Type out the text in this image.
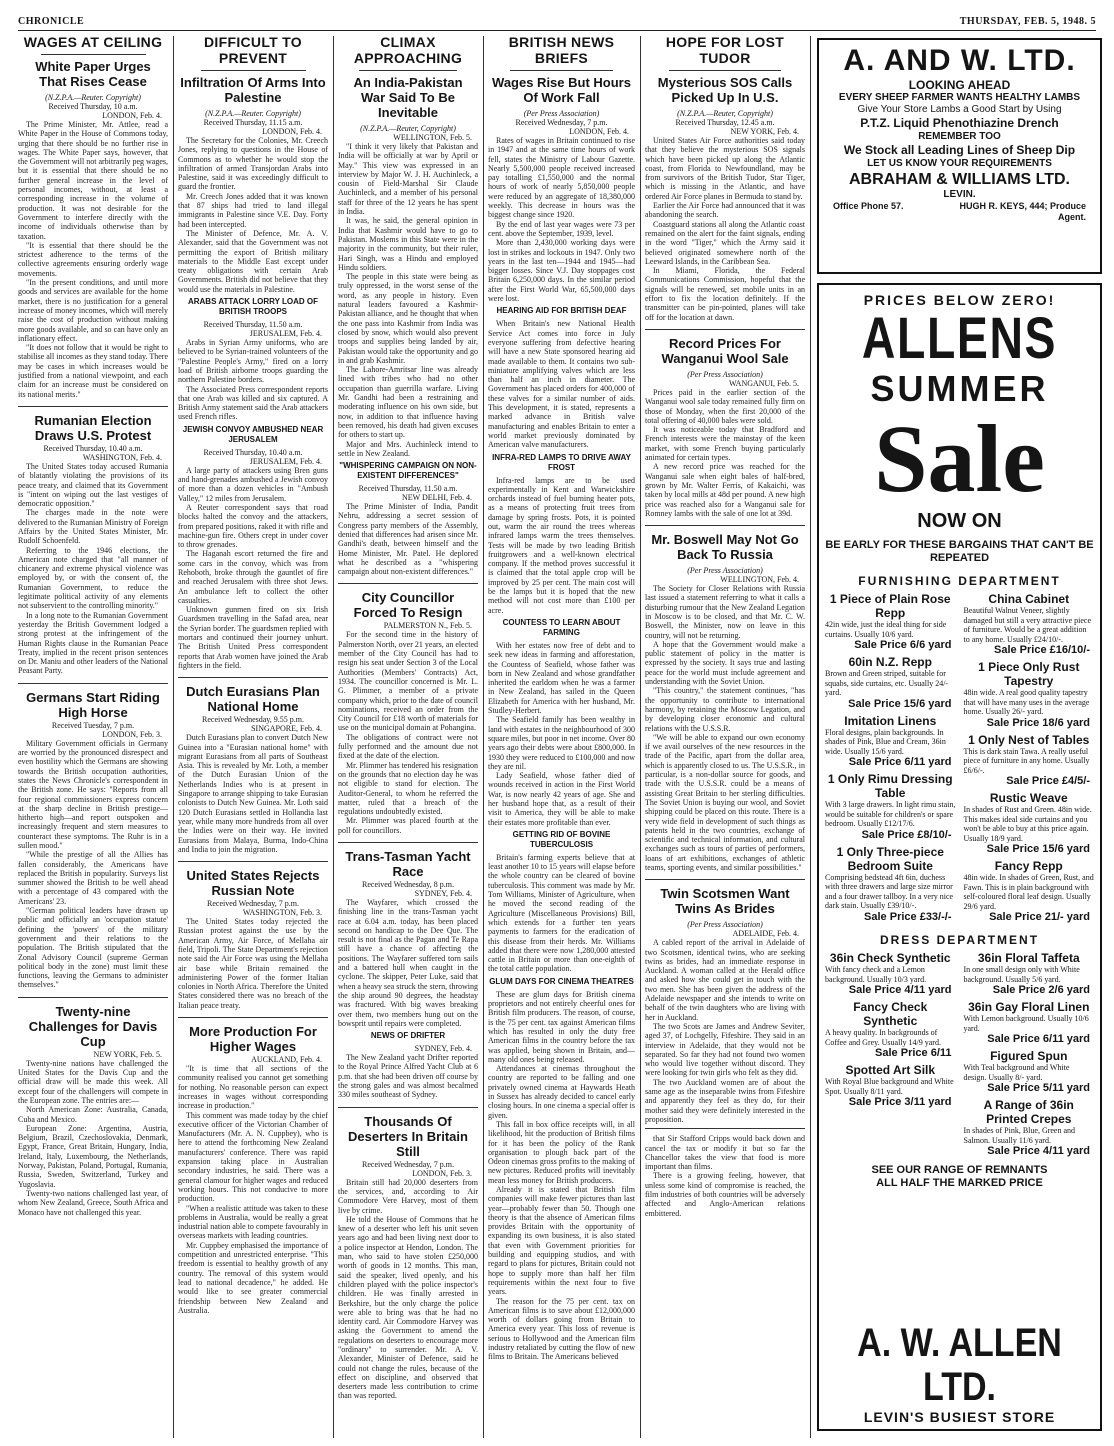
CHRONICLE	THURSDAY, FEB. 5, 1948. 5
WAGES AT CEILING
White Paper Urges That Rises Cease
(N.Z.P.A.—Reuter. Copyright)
Received Thursday, 10 a.m.
LONDON, Feb. 4.

The Prime Minister, Mr. Attlee, read a White Paper in the House of Commons today, urging that there should be no further rise in wages. The White Paper says, however, that the Government will not arbitrarily peg wages, but it is essential that there should be no further general increase in the level of personal incomes, without, at least a corresponding increase in the volume of production. It was not desirable for the Government to interfere directly with the income of individuals otherwise than by taxation.

"It is essential that there should be the strictest adherence to the terms of the collective agreements ensuring orderly wage movements.

"In the present conditions, and until more goods and services are available for the home market, there is no justification for a general increase of money incomes, which will merely raise the cost of production without making more goods available, and so can have only an inflationary effect.

"It does not follow that it would be right to stabilise all incomes as they stand today. There may be cases in which increases would be justified from a national viewpoint, and each claim for an increase must be considered on its national merits."

Rumanian Election Draws U.S. Protest
Received Thursday, 10.40 a.m.
WASHINGTON, Feb. 4.

The United States today accused Rumania of blatantly violating the provisions of its peace treaty, and claimed that its Government is "intent on wiping out the last vestiges of democratic opposition."

The charges made in the note were delivered to the Rumanian Ministry of Foreign Affairs by the United States Minister, Mr. Rudolf Schoenfeld.

Referring to the 1946 elections, the American note charged that "all manner of chicanery and extreme physical violence was employed by, or with the consent of, the Rumanian Government, to reduce the legitimate political activity of any elements not subservient to the controlling minority."

In a long note to the Rumanian Government yesterday the British Government lodged a strong protest at the infringement of the Human Rights clause in the Rumanian Peace Treaty, implied in the recent prison sentences on Dr. Maniu and other leaders of the National Peasant Party.

Germans Start Riding High Horse
Received Tuesday, 7 p.m.
LONDON, Feb. 3.

Military Government officials in Germany are worried by the pronounced disrespect and even hostility which the Germans are showing towards the British occupation authorities, states the News Chronicle's correspondent in the British zone. He says: "Reports from all four regional commissioners express concern at the sharp decline in British prestige—hitherto high—and report outspoken and increasingly frequent and stern measures to counteract these symptoms. The Ruhr is in a sullen mood."

"While the prestige of all the Allies has fallen considerably, the Americans have replaced the British in popularity. Surveys list summer showed the British to be well ahead with a percentage of 43 compared with the Americans' 23.

"German political leaders have drawn up public and officially an 'occupation statute' defining the 'powers' of the military government and their relations to the population. The British stipulated that the Zonal Advisory Council (supreme German political body in the zone) must limit these functions, leaving the Germans to administer themselves."

Twenty-nine Challenges for Davis Cup
NEW YORK, Feb. 5.

Twenty-nine nations have challenged the United States for the Davis Cup and the official draw will be made this week. All except four of the challengers will compete in the European zone. The entries are:—

North American Zone: Australia, Canada, Cuba and Mexico.

European Zone: Argentina, Austria, Belgium, Brazil, Czechoslovakia, Denmark, Egypt, France, Great Britain, Hungary, India, Ireland, Italy, Luxembourg, the Netherlands, Norway, Pakistan, Poland, Portugal, Rumania, Russia, Sweden, Switzerland, Turkey and Yugoslavia.

Twenty-two nations challenged last year, of whom New Zealand, Greece, South Africa and Monaco have not challenged this year.

DIFFICULT TO PREVENT
Infiltration Of Arms Into Palestine
(N.Z.P.A.—Reuter. Copyright)
Received Thursday, 11.15 a.m.
LONDON, Feb. 4.

The Secretary for the Colonies, Mr. Creech Jones, replying to questions in the House of Commons as to whether he would stop the infiltration of armed Transjordan Arabs into Palestine, said it was exceedingly difficult to guard the frontier.

Mr. Creech Jones added that it was known that 87 ships had tried to land illegal immigrants in Palestine since V.E. Day. Forty had been intercepted.

The Minister of Defence, Mr. A. V. Alexander, said that the Government was not permitting the export of British military materials to the Middle East except under treaty obligations with certain Arab Governments. British did not believe that they would use the materials in Palestine.

ARABS ATTACK LORRY LOAD OF BRITISH TROOPS
Received Thursday, 11.50 a.m.
JERUSALEM, Feb. 4.

Arabs in Syrian Army uniforms, who are believed to be Syrian-trained volunteers of the "Palestine People's Army," fired on a lorry load of British airborne troops guarding the northern Palestine borders.

The Associated Press correspondent reports that one Arab was killed and six captured. A British Army statement said the Arab attackers used French rifles.

JEWISH CONVOY AMBUSHED NEAR JERUSALEM
Received Thursday, 10.40 a.m.
JERUSALEM, Feb. 4.

A large party of attackers using Bren guns and hand-grenades ambushed a Jewish convoy of more than a dozen vehicles in "Ambush Valley," 12 miles from Jerusalem.

A Reuter correspondent says that road blocks halted the convoy and the attackers, from prepared positions, raked it with rifle and machine-gun fire. Others crept in under cover to throw grenades.

The Haganah escort returned the fire and some cars in the convoy, which was from Rehoboth, broke through the gauntlet of fire and reached Jerusalem with three shot Jews. An ambulance left to collect the other casualties.

Unknown gunmen fired on six Irish Guardsmen travelling in the Safad area, near the Syrian border. The guardsmen replied with mortars and continued their journey unhurt. The British United Press correspondent reports that Arab women have joined the Arab fighters in the field.

Dutch Eurasians Plan National Home
Received Wednesday, 9.55 p.m.
SINGAPORE, Feb. 4.

Dutch Eurasians plan to convert Dutch New Guinea into a "Eurasian national home" with migrant Eurasians from all parts of Southeast Asia. This is revealed by Mr. Loth, a member of the Dutch Eurasian Union of the Netherlands Indies who is at present in Singapore to arrange shipping to take Eurasian colonists to Dutch New Guinea. Mr. Loth said 120 Dutch Eurasians settled in Hollandia last year, while many more hundreds from all over the Indies were on their way. He invited Eurasians from Malaya, Burma, Indo-China and India to join the migration.

United States Rejects Russian Note
Received Wednesday, 7 p.m.
WASHINGTON, Feb. 3.

The United States today rejected the Russian protest against the use by the American Army, Air Force, of Mellaha air field, Tripoli. The State Department's rejection note said the Air Force was using the Mellaha air base while Britain remained the administering Power of the former Italian colonies in North Africa. Therefore the United States considered there was no breach of the Italian peace treaty.

More Production For Higher Wages
AUCKLAND, Feb. 4.

"It is time that all sections of the community realised you cannot get something for nothing. No reasonable person can expect increases in wages without corresponding increase in production."

This comment was made today by the chief executive officer of the Victorian Chamber of Manufacturers (Mr. A. N. Cuppbey), who is here to attend the forthcoming New Zealand manufacturers' conference. There was rapid expansion taking place in Australian secondary industries, he said. There was a general clamour for higher wages and reduced working hours. This not conducive to more production.

"When a realistic attitude was taken to these problems in Australia, would be really a great industrial nation able to compete favourably in overseas markets with leading countries.

Mr. Cuppbey emphasised the importance of competition and unrestricted enterprise. "This freedom is essential to healthy growth of any country. The removal of this system would lead to national decadence," he added. He would like to see greater commercial friendship between New Zealand and Australia.

CLIMAX APPROACHING
An India-Pakistan War Said To Be Inevitable
(N.Z.P.A.—Reuter, Copyright)
WELLINGTON, Feb. 5.

"I think it very likely that Pakistan and India will be officially at war by April or May." This view was expressed in an interview by Major W. J. H. Auchinleck, a cousin of Field-Marshal Sir Claude Auchinleck, and a member of his personal staff for three of the 12 years he has spent in India.

It was, he said, the general opinion in India that Kashmir would have to go to Pakistan. Moslems in this State were in the majority in the community, but their ruler, Hari Singh, was a Hindu and employed Hindu soldiers.

The people in this state were being as truly oppressed, in the worst sense of the word, as any people in history. Even natural leaders favoured a Kashmir-Pakistan alliance, and he thought that when the one pass into Kashmir from India was closed by snow, which would also prevent troops and supplies being landed by air, Pakistan would take the opportunity and go in and grab Kashmir.

The Lahore-Amritsar line was already lined with tribes who had no other occupation than guerrilla warfare. Living Mr. Gandhi had been a restraining and moderating influence on his own side, but now, in addition to that influence having been removed, his death had given excuses for others to start up.

Major and Mrs. Auchinleck intend to settle in New Zealand.

"WHISPERING CAMPAIGN ON NON-EXISTENT DIFFERENCES"
Received Thursday, 11.50 a.m.
NEW DELHI, Feb. 4.

The Prime Minister of India, Pandit Nehru, addressing a secret session of Congress party members of the Assembly, denied that differences had arisen since Mr. Gandhi's death, between himself and the Home Minister, Mr. Patel. He deplored what he described as a "whispering campaign about non-existent differences."

City Councillor Forced To Resign
PALMERSTON N., Feb. 5.

For the second time in the history of Palmerston North, over 21 years, an elected member of the City Council has had to resign his seat under Section 3 of the Local Authorities (Members' Contracts) Act, 1934. The councillor concerned is Mr. L. G. Plimmer, a member of a private company which, prior to the date of council nominations, received an order from the City Council for £18 worth of materials for use on the municipal domain at Pohangina.

The obligations of contract were not fully performed and the amount due not fixed at the date of the election.

Mr. Plimmer has tendered his resignation on the grounds that no election day he was not eligible to stand for election. The Auditor-General, to whom he referred the matter, ruled that a breach of the regulations undoubtedly existed.

Mr. Plimmer was placed fourth at the poll for councillors.

Trans-Tasman Yacht Race
Received Wednesday, 8 p.m.
SYDNEY, Feb. 4.

The Wayfarer, which crossed the finishing line in the trans-Tasman yacht race at 6.04 a.m. today, has been placed second on handicap to the Dee Que. The result is not final as the Pagan and Te Rapa still have a chance of affecting the positions. The Wayfarer suffered torn sails and a battered hull when caught in the cyclone. The skipper, Peter Luke, said that when a heavy sea struck the stern, throwing the ship around 90 degrees, the headstay was fractured. With big waves breaking over them, two members hung out on the bowsprit until repairs were completed.

NEWS OF DRIFTER
SYDNEY, Feb. 4.

The New Zealand yacht Drifter reported to the Royal Prince Alfred Yacht Club at 6 p.m. that she had been driven off course by the strong gales and was almost becalmed 330 miles southeast of Sydney.

Thousands Of Deserters In Britain Still
Received Wednesday, 7 p.m.
LONDON, Feb. 3.

Britain still had 20,000 deserters from the services, and, according to Air Commodore Vere Harvey, most of them live by crime.

He told the House of Commons that he knew of a deserter who left his unit seven years ago and had been living next door to a police inspector at Hendon, London. The man, who said to have stolen £250,000 worth of goods in 12 months. This man, said the speaker, lived openly, and his children played with the police inspector's children. He was finally arrested in Berkshire, but the only charge the police were able to bring was that he had no identity card. Air Commodore Harvey was asking the Government to amend the regulations on deserters to encourage more "ordinary" to surrender. Mr. A. V. Alexander, Minister of Defence, said he could not change the rules, because of the effect on discipline, and observed that deserters made less contribution to crime than was reported.

BRITISH NEWS BRIEFS
Wages Rise But Hours Of Work Fall
(Per Press Association)
Received Wednesday, 7 p.m.
LONDON, Feb. 4.

Rates of wages in Britain continued to rise in 1947 and at the same time hours of work fell, states the Ministry of Labour Gazette. Nearly 5,500,000 people received increased pay totalling £1,550,000 and the normal hours of work of nearly 5,850,000 people were reduced by an aggregate of 18,380,000 weekly. This decrease in hours was the biggest change since 1920.

By the end of last year wages were 73 per cent. above the September, 1939, level.

More than 2,430,000 working days were lost in strikes and lockouts in 1947. Only two years in the last ten—1944 and 1945—had bigger losses. Since V.J. Day stoppages cost Britain 6,250,000 days. In the similar period after the First World War, 65,500,000 days were lost.

HEARING AID FOR BRITISH DEAF

When Britain's new National Health Service Act comes into force in July everyone suffering from defective hearing will have a new State sponsored hearing aid made available to them. It contains two sub-miniature amplifying valves which are less than half an inch in diameter. The Government has placed orders for 400,000 of these valves for a similar number of aids. This development, it is stated, represents a marked advance in British valve manufacturing and enables Britain to enter a world market previously dominated by American valve manufacturers.

INFRA-RED LAMPS TO DRIVE AWAY FROST

Infra-red lamps are to be used experimentally in Kent and Warwickshire orchards instead of fuel burning heater pots, as a means of protecting fruit trees from damage by spring frosts. Pots, it is pointed out, warm the air round the trees whereas infrared lamps warm the trees themselves. Tests will be made by two leading British fruitgrowers and a well-known electrical company. If the method proves successful it is claimed that the total apple crop will be improved by 25 per cent. The main cost will be the lamps but it is hoped that the new method will not cost more than £100 per acre.

COUNTESS TO LEARN ABOUT FARMING

With her estates now free of debt and to seek new ideas in farming and afforestation, the Countess of Seafield, whose father was born in New Zealand and whose grandfather inherited the earldom when he was a farmer in New Zealand, has sailed in the Queen Elizabeth for America with her husband, Mr. Studley-Herbert.

The Seafield family has been wealthy in land with estates in the neighbourhood of 300 square miles, but poor in net income. Over 80 years ago their debts were about £800,000. In 1930 they were reduced to £100,000 and now they are nil.

Lady Seafield, whose father died of wounds received in action in the First World War, is now nearly 42 years of age. She and her husband hope that, as a result of their visit to America, they will be able to make their estates more profitable than ever.

GETTING RID OF BOVINE TUBERCULOSIS

Britain's farming experts believe that at least another 10 to 15 years will elapse before the whole country can be cleared of bovine tuberculosis. This comment was made by Mr. Tom Williams, Minister of Agriculture, when he moved the second reading of the Agriculture (Miscellaneous Provisions) Bill, which extends for a further ten years payments to farmers for the eradication of this disease from their herds. Mr. Williams added that there were now 1,280,000 attested cattle in Britain or more than one-eighth of the total cattle population.

GLUM DAYS FOR CINEMA THEATRES

These are glum days for British cinema proprietors and not entirely cheerful ones for British film producers. The reason, of course, is the 75 per cent. tax against American films which has resulted in only the duty free American films in the country before the tax was applied, being shown in Britain, and—many old ones being released.

Attendances at cinemas throughout the country are reported to be falling and one privately owned cinema at Haywards Heath in Sussex has already decided to cancel early closing hours. In one cinema a special offer is given.

This fall in box office receipts will, in all likelihood, hit the production of British films for it has been the policy of the Rank organisation to plough back part of the Odeon cinemas gross profits to the making of new pictures. Reduced profits will inevitably mean less money for British producers.

Already it is stated that British film companies will make fewer pictures than last year—probably fewer than 50. Though one theory is that the absence of American films provides Britain with the opportunity of expanding its own business, it is also stated that even with Government priorities for building and equipping studios, and with regard to plans for pictures, Britain could not hope to supply more than half her film requirements within the next four to five years.

The reason for the 75 per cent. tax on American films is to save about £12,000,000 worth of dollars going from Britain to America every year. This loss of revenue is serious to Hollywood and the American film industry retaliated by cutting the flow of new films to Britain. The Americans believed

HOPE FOR LOST TUDOR
Mysterious SOS Calls Picked Up In U.S.
(N.Z.P.A.—Reuter, Copyright)
Received Thursday, 12.45 a.m.
NEW YORK, Feb. 4.

United States Air Force authorities said today that they believe the mysterious SOS signals which have been picked up along the Atlantic coast, from Florida to Newfoundland, may be from survivors of the British Tudor, Star Tiger, which is missing in the Atlantic, and have ordered Air Force planes in Bermuda to stand by.

Earlier the Air Force had announced that it was abandoning the search.

Coastguard stations all along the Atlantic coast remained on the alert for the faint signals, ending in the word "Tiger," which the Army said it believed originated somewhere north of the Leeward Islands, in the Caribbean Sea.

In Miami, Florida, the Federal Communications Commission, hopeful that the signals will be renewed, set mobile units in an effort to fix the location definitely. If the transmitter can be pin-pointed, planes will take off for the location at dawn.

Record Prices For Wanganui Wool Sale
(Per Press Association)
WANGANUI, Feb. 5.

Prices paid in the earlier section of the Wanganui wool sale today remained fully firm on those of Monday, when the first 20,000 of the total offering of 40,000 bales were sold.

It was noticeable today that Bradford and French interests were the mainstay of the keen market, with some French buying particularly animated for certain types.

A new record price was reached for the Wanganui sale when eight bales of half-bred, grown by Mr. Walter Ferris, of Kakaichi, was taken by local mills at 48d per pound. A new high price was reached also for a Wanganui sale for Romney lambs with the sale of one lot at 39d.

Mr. Boswell May Not Go Back To Russia
(Per Press Association)
WELLINGTON, Feb. 4.

The Society for Closer Relations with Russia last issued a statement referring to what it calls a disturbing rumour that the New Zealand Legation in Moscow is to be closed, and that Mr. C. W. Boswell, the Minister, now on leave in this country, will not be returning.

A hope that the Government would make a public statement of policy in the matter is expressed by the society. It says true and lasting peace for the world must include agreement and understanding with the Soviet Union.

"This country," the statement continues, "has the opportunity to contribute to international harmony, by retaining the Moscow Legation, and by developing closer economic and cultural relations with the U.S.S.R.

"We will be able to expand our own economy if we avail ourselves of the new resources in the trade of the Pacific, apart from the dollar area, which is apparently closed to us. The U.S.S.R., in particular, is a non-dollar source for goods, and trade with the U.S.S.R. could be a means of assisting Great Britain to her sterling difficulties. The Soviet Union is buying our wool, and Soviet shipping could be placed on this route. There is a very wide field in development of such things as patents held in the two countries, exchange of scientific and technical information, and cultural exchanges such as tours of parties of performers, loans of art exhibitions, exchanges of athletic teams, sporting events, and similar possibilities."

Twin Scotsmen Want Twins As Brides
(Per Press Association)
ADELAIDE, Feb. 4.

A cabled report of the arrival in Adelaide of two Scotsmen, identical twins, who are seeking twins as brides, had an immediate response in Auckland. A woman called at the Herald office and asked how she could get in touch with the two men. She has been given the address of the Adelaide newspaper and she intends to write on behalf of the twin daughters who are living with her in Auckland.

The two Scots are James and Andrew Seviter, aged 37, of Lochgelly, Fifeshire. They said in an interview in Adelaide, that they would not be separated. So far they had not found two women who would live together without discord. They were looking for twin girls who felt as they did.

The two Auckland women are of about the same age as the inseparable twins from Fifeshire and apparently they feel as they do, for their mother said they were definitely interested in the proposition.

that Sir Stafford Cripps would back down and cancel the tax or modify it but so far the Chancellor takes the view that food is more important than films.

There is a growing feeling, however, that unless some kind of compromise is reached, the film industries of both countries will be adversely affected and Anglo-American relations embittered.

A. AND W. LTD.
LOOKING AHEAD
EVERY SHEEP FARMER WANTS HEALTHY LAMBS
Give Your Store Lambs a Good Start by Using
P.T.Z. Liquid Phenothiazine Drench
REMEMBER TOO
We Stock all Leading Lines of Sheep Dip
LET US KNOW YOUR REQUIREMENTS
ABRAHAM & WILLIAMS LTD.
LEVIN.
Office Phone 57.	HUGH R. KEYS, 444; Produce Agent.
PRICES BELOW ZERO!
ALLENS
SUMMER
Sale
NOW ON
BE EARLY FOR THESE BARGAINS THAT CAN'T BE REPEATED
FURNISHING DEPARTMENT
1 Piece of Plain Rose Repp
42in wide, just the ideal thing for side curtains. Usually 10/6 yard.
Sale Price 6/6 yard
60in N.Z. Repp
Brown and Green striped, suitable for squabs, side curtains, etc. Usually 24/- yard.
Sale Price 15/6 yard
Imitation Linens
Floral designs, plain backgrounds. In shades of Pink, Blue and Cream, 36in wide. Usually 15/6 yard.
Sale Price 6/11 yard
1 Only Rimu Dressing Table
With 3 large drawers. In light rimu stain, would be suitable for children's or spare bedroom. Usually £12/17/6.
Sale Price £8/10/-
1 Only Three-piece Bedroom Suite
Comprising bedstead 4ft 6in, duchess with three drawers and large size mirror and a four drawer tallboy. In a very nice dark stain. Usually £39/10/-.
Sale Price £33/-/-
China Cabinet
Beautiful Walnut Veneer, slightly damaged but still a very attractive piece of furniture. Would be a great addition to any home. Usually £24/10/-.
Sale Price £16/10/-
1 Piece Only Rust Tapestry
48in wide. A real good quality tapestry that will have many uses in the average home. Usually 26/- yard.
Sale Price 18/6 yard
1 Only Nest of Tables
This is dark stain Tawa. A really useful piece of furniture in any home. Usually £6/6/-.
Sale Price £4/5/-
Rustic Weave
In shades of Rust and Green. 48in wide. This makes ideal side curtains and you won't be able to buy at this price again. Usually 18/9 yard.
Sale Price 15/6 yard
Fancy Repp
48in wide. In shades of Green, Rust, and Fawn. This is in plain background with self-coloured floral leaf design. Usually 29/6 yard.
Sale Price 21/- yard
DRESS DEPARTMENT
36in Check Synthetic
With fancy check and a Lemon background. Usually 10/3 yard.
Sale Price 4/11 yard
Fancy Check Synthetic
A heavy quality. In backgrounds of Coffee and Grey. Usually 14/9 yard.
Sale Price 6/11
Spotted Art Silk
With Royal Blue background and White Spot. Usually 8/11 yard.
Sale Price 3/11 yard
36in Floral Taffeta
In one small design only with White background. Usually 5/6 yard.
Sale Price 2/6 yard
36in Gay Floral Linen
With Lemon background. Usually 10/6 yard.
Sale Price 6/11 yard
Figured Spun
With Teal background and White design. Usually 8/- yard.
Sale Price 5/11 yard
A Range of 36in Printed Crepes
In shades of Pink, Blue, Green and Salmon. Usually 11/6 yard.
Sale Price 4/11 yard
SEE OUR RANGE OF REMNANTS
ALL HALF THE MARKED PRICE
A. W. ALLEN LTD.
LEVIN'S BUSIEST STORE
